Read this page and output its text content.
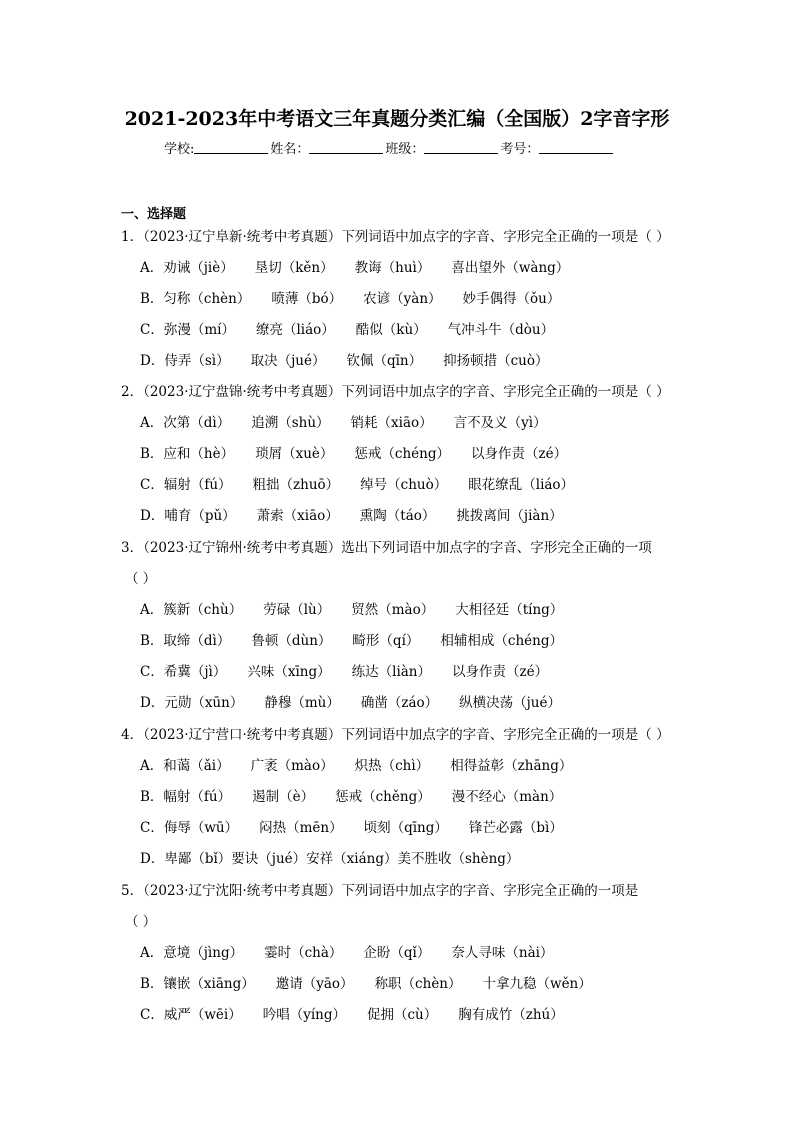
2021-2023年中考语文三年真题分类汇编（全国版）2字音字形
学校:	姓名：	班级：	考号：
一、选择题
1．（2023·辽宁阜新·统考中考真题）下列词语中加点字的字音、字形完全正确的一项是（ ）
A．劝诫（jiè） 垦切（kěn） 教诲（huì） 喜出望外（wàng）
B．匀称（chèn） 喷薄（bó） 农谚（yàn） 妙手偶得（ǒu）
C．弥漫（mí） 缭亮（liáo） 酷似（kù） 气冲斗牛（dòu）
D．侍弄（sì） 取决（jué） 钦佩（qīn） 抑扬顿措（cuò）
2．（2023·辽宁盘锦·统考中考真题）下列词语中加点字的字音、字形完全正确的一项是（ ）
A．次第（dì） 追溯（shù） 销耗（xiāo） 言不及义（yì）
B．应和（hè） 琐屑（xuè） 惩戒（chéng） 以身作责（zé）
C．辐射（fú） 粗拙（zhuō） 绰号（chuò） 眼花缭乱（liáo）
D．哺育（pǔ） 萧索（xiāo） 熏陶（táo） 挑拨离间（jiàn）
3．（2023·辽宁锦州·统考中考真题）选出下列词语中加点字的字音、字形完全正确的一项
（ ）
A．簇新（chù） 劳碌（lù） 贸然（mào） 大相径廷（tíng）
B．取缔（dì） 鲁顿（dùn） 畸形（qí） 相辅相成（chéng）
C．希冀（jì） 兴味（xīng） 练达（liàn） 以身作责（zé）
D．元勋（xūn） 静穆（mù） 确凿（záo） 纵横决荡（jué）
4．（2023·辽宁营口·统考中考真题）下列词语中加点字的字音、字形完全正确的一项是（ ）
A．和蔼（ǎi） 广袤（mào） 炽热（chì） 相得益彰（zhāng）
B．幅射（fú） 遏制（è） 惩戒（chěng） 漫不经心（màn）
C．侮辱（wū） 闷热（mēn） 顷刻（qīng） 锋芒必露（bì）
D．卑鄙（bǐ）要诀（jué）安祥（xiáng）美不胜收（shèng）
5．（2023·辽宁沈阳·统考中考真题）下列词语中加点字的字音、字形完全正确的一项是
（ ）
A．意境（jìng） 霎时（chà） 企盼（qǐ） 奈人寻味（nài）
B．镶嵌（xiāng） 邀请（yāo） 称职（chèn） 十拿九稳（wěn）
C．威严（wēi） 吟唱（yíng） 促拥（cù） 胸有成竹（zhú）
